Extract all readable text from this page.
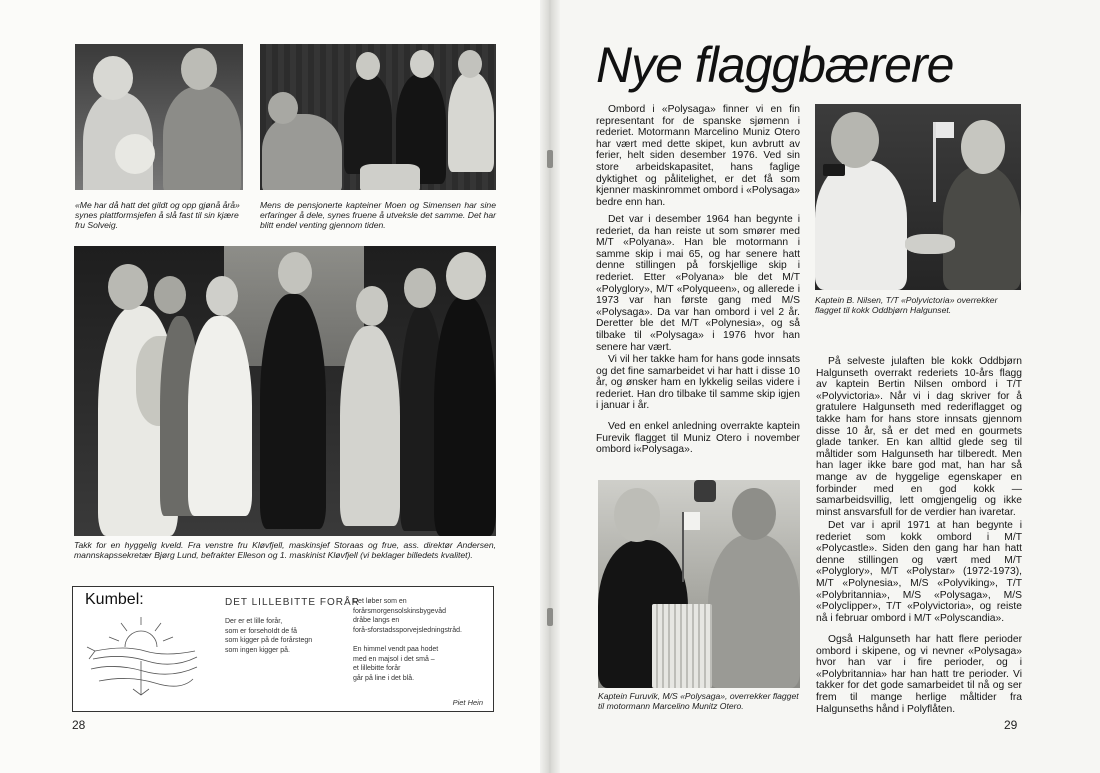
«Me har då hatt det gildt og opp gjønå årå» synes plattformsjefen å slå fast til sin kjære fru Solveig.

Mens de pensjonerte kapteiner Moen og Simensen har sine erfaringer å dele, synes fruene å utveksle det samme. Det har blitt endel venting gjennom tiden.

Takk for en hyggelig kveld. Fra venstre fru Kløvfjell, maskinsjef Storaas og frue, ass. direktør Andersen, mannskapssekretær Bjørg Lund, befrakter Elleson og 1. maskinist Kløvfjell (vi beklager billedets kvalitet).

Kumbel:	DET LILLEBITTE FORÅR

Der er et lille forår,
som er forsehoIdt de få
som kigger på de forårstegn
som ingen kigger på.

Det løber som en
forårsmorgensolskinsbygevåd
dråbe langs en
forå-sforstadssporvejsledningstråd.

En himmel vendt paa hodet
med en majsol i det små –
et lillebitte forår
går på line i det blå.

Piet Hein
28
Nye flaggbærere

Ombord i «Polysaga» finner vi en fin representant for de spanske sjømenn i rederiet. Motormann Marcelino Muniz Otero har vært med dette skipet, kun avbrutt av ferier, helt siden desember 1976. Ved sin store arbeidskapasitet, hans faglige dyktighet og pålitelighet, er det få som kjenner maskinrommet ombord i «Polysaga» bedre enn han.

Det var i desember 1964 han begynte i rederiet, da han reiste ut som smører med M/T «Polyana». Han ble motormann i samme skip i mai 65, og har senere hatt denne stillingen på forskjellige skip i rederiet. Etter «Polyana» ble det M/T «Polyglory», M/T «Polyqueen», og allerede i 1973 var han første gang med M/S «Polysaga». Da var han ombord i vel 2 år. Deretter ble det M/T «Polynesia», og så tilbake til «Polysaga» i 1976 hvor han senere har vært.

Vi vil her takke ham for hans gode innsats og det fine samarbeidet vi har hatt i disse 10 år, og ønsker ham en lykkelig seilas videre i rederiet. Han dro tilbake til samme skip igjen i januar i år.

Ved en enkel anledning overrakte kaptein Furevik flagget til Muniz Otero i november ombord i«Polysaga».

Kaptein B. Nilsen, T/T «Polyvictoria» overrekker flagget til kokk Oddbjørn Halgunset.

Kaptein Furuvik, M/S «Polysaga», overrekker flagget til motormann Marcelino Munitz Otero.

På selveste julaften ble kokk Oddbjørn Halgunseth overrakt rederiets 10-års flagg av kaptein Bertin Nilsen ombord i T/T «Polyvictoria». Når vi i dag skriver for å gratulere Halgunseth med rederiflagget og takke ham for hans store innsats gjennom disse 10 år, så er det med en gourmets glade tanker. En kan alltid glede seg til måltider som Halgunseth har tilberedt. Men han lager ikke bare god mat, han har så mange av de hyggelige egenskaper en forbinder med en god kokk — samarbeidsvillig, lett omgjengelig og ikke minst ansvarsfull for de verdier han ivaretar.

Det var i april 1971 at han begynte i rederiet som kokk ombord i M/T «Polycastle». Siden den gang har han hatt denne stillingen og vært med M/T «Polyglory», M/T «Polystar» (1972-1973), M/T «Polynesia», M/S «Polyviking», T/T «Polybritannia», M/S «Polysaga», M/S «Polyclipper», T/T «Polyvictoria», og reiste nå i februar ombord i M/T «Polyscandia».

Også Halgunseth har hatt flere perioder ombord i skipene, og vi nevner «Polysaga» hvor han var i fire perioder, og i «Polybritannia» har han hatt tre perioder. Vi takker for det gode samarbeidet til nå og ser frem til mange herlige måltider fra Halgunseths hånd i Polyflåten.

29
